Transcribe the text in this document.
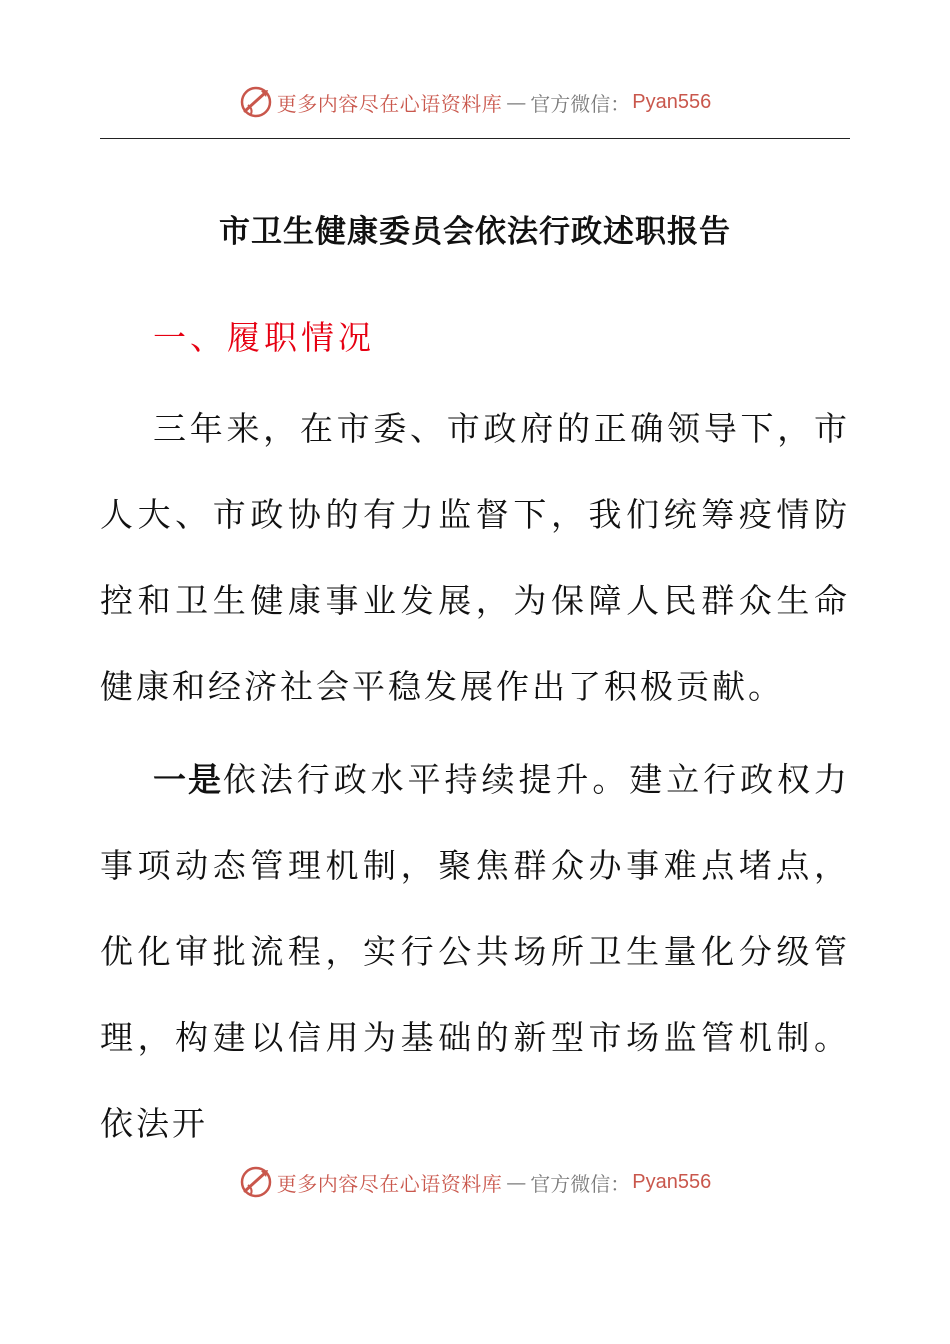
更多内容尽在心语资料库 — 官方微信： Pyan556
市卫生健康委员会依法行政述职报告
一、履职情况

三年来，在市委、市政府的正确领导下，市人大、市政协的有力监督下，我们统筹疫情防控和卫生健康事业发展，为保障人民群众生命健康和经济社会平稳发展作出了积极贡献。

一是依法行政水平持续提升。建立行政权力事项动态管理机制，聚焦群众办事难点堵点，优化审批流程，实行公共场所卫生量化分级管理，构建以信用为基础的新型市场监管机制。依法开

更多内容尽在心语资料库 — 官方微信： Pyan556
